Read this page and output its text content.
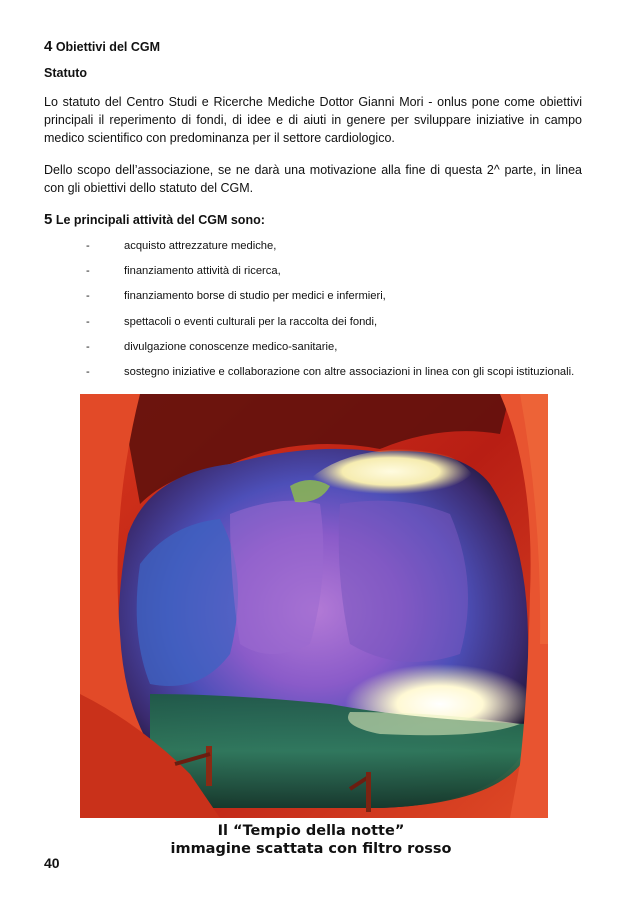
4 Obiettivi del CGM
Statuto
Lo statuto del Centro Studi e Ricerche Mediche Dottor Gianni Mori - onlus pone come obiettivi principali il reperimento di fondi, di idee e di aiuti in genere per sviluppare iniziative in campo medico scientifico con predominanza per il settore cardiologico.
Dello scopo dell’associazione, se ne darà una motivazione alla fine di questa 2^ parte, in linea con gli obiettivi dello statuto del CGM.
5 Le principali attività del CGM sono:
-	acquisto attrezzature mediche,
-	finanziamento attività di ricerca,
-	finanziamento borse di studio per medici e infermieri,
-	spettacoli o eventi culturali per la raccolta dei fondi,
-	divulgazione conoscenze medico-sanitarie,
-	sostegno iniziative e collaborazione con altre associazioni in linea con gli scopi istituzionali.
Il “Tempio della notte”
immagine scattata con filtro rosso
40
